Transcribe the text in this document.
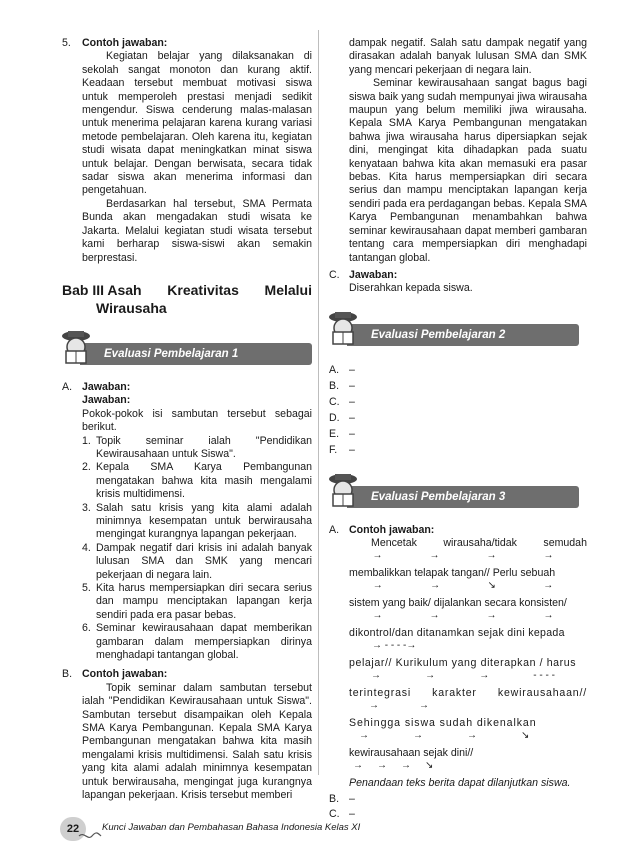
5.	Contoh jawaban:

Kegiatan belajar yang dilaksanakan di sekolah sangat monoton dan kurang aktif. Keadaan tersebut membuat motivasi siswa untuk memperoleh prestasi menjadi sedikit mengendur. Siswa cenderung malas-malasan untuk menerima pelajaran karena kurang variasi metode pembelajaran. Oleh karena itu, kegiatan studi wisata dapat meningkatkan minat siswa untuk belajar. Dengan berwisata, secara tidak sadar siswa akan menerima informasi dan pengetahuan.

Berdasarkan hal tersebut, SMA Permata Bunda akan mengadakan studi wisata ke Jakarta. Melalui kegiatan studi wisata tersebut kami berharap siswa-siswi akan semakin berprestasi.

Bab III Asah Kreativitas Melalui
Wirausaha
Evaluasi Pembelajaran 1
A. Jawaban:
Jawaban:
Pokok-pokok isi sambutan tersebut sebagai berikut.
1. Topik seminar ialah "Pendidikan Kewirausahaan untuk Siswa".
2. Kepala SMA Karya Pembangunan mengatakan bahwa kita masih mengalami krisis multidimensi.
3. Salah satu krisis yang kita alami adalah minimnya kesempatan untuk berwirausaha mengingat kurangnya lapangan pekerjaan.
4. Dampak negatif dari krisis ini adalah banyak lulusan SMA dan SMK yang mencari pekerjaan di negara lain.
5. Kita harus mempersiapkan diri secara serius dan mampu menciptakan lapangan kerja sendiri pada era pasar bebas.
6. Seminar kewirausahaan dapat memberikan gambaran dalam mempersiapkan dirinya menghadapi tantangan global.
B. Contoh jawaban:

Topik seminar dalam sambutan tersebut ialah "Pendidikan Kewirausahaan untuk Siswa". Sambutan tersebut disampaikan oleh Kepala SMA Karya Pembangunan. Kepala SMA Karya Pembangunan mengatakan bahwa kita masih mengalami krisis multidimensi. Salah satu krisis yang kita alami adalah minimnya kesempatan untuk berwirausaha, mengingat juga kurangnya lapangan pekerjaan. Krisis tersebut memberi

dampak negatif. Salah satu dampak negatif yang dirasakan adalah banyak lulusan SMA dan SMK yang mencari pekerjaan di negara lain.

Seminar kewirausahaan sangat bagus bagi siswa baik yang sudah mempunyai jiwa wirausaha maupun yang belum memiliki jiwa wirausaha. Kepala SMA Karya Pembangunan mengatakan bahwa jiwa wirausaha harus dipersiapkan sejak dini, mengingat kita dihadapkan pada suatu kenyataan bahwa kita akan memasuki era pasar bebas. Kita harus mempersiapkan diri secara serius dan mampu menciptakan lapangan kerja sendiri pada era perdagangan bebas. Kepala SMA Karya Pembangunan menambahkan bahwa seminar kewirausahaan dapat memberi gambaran tentang cara mempersiapkan diri menghadapi tantangan global.

C. Jawaban:
Diserahkan kepada siswa.
Evaluasi Pembelajaran 2
A. –
B. –
C. –
D. –
E. –
F.	–
Evaluasi Pembelajaran 3
A. Contoh jawaban:
Mencetak wirausaha/tidak semudah
→	→	→	→
membalikkan telapak tangan// Perlu sebuah
→	→	↘	→
sistem yang baik/ dijalankan secara konsisten/
→	→	→	→
dikontrol/dan ditanamkan sejak dini kepada
→ - - - -→
pelajar// Kurikulum yang diterapkan / harus
→	→	→	- - - -
terintegrasi karakter kewirausahaan//
→	→
Sehingga siswa sudah dikenalkan
→	→	→	↘
kewirausahaan sejak dini//
→ → → ↘
Penandaan teks berita dapat dilanjutkan siswa.
B. –
C. –
22	Kunci Jawaban dan Pembahasan Bahasa Indonesia Kelas XI
